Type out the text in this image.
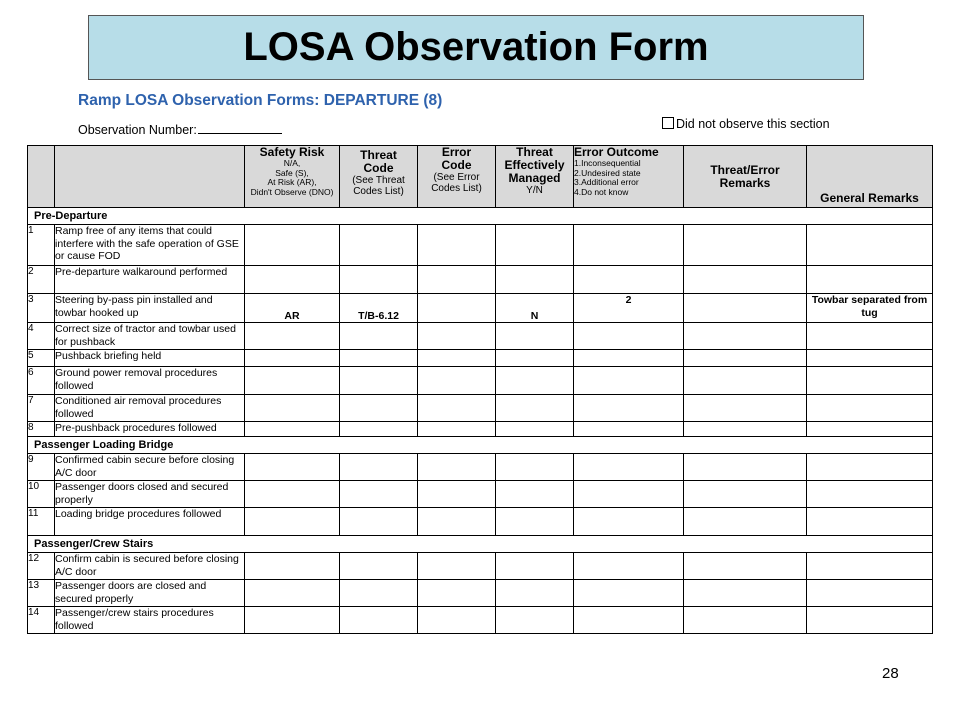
LOSA Observation Form
Ramp LOSA Observation Forms: DEPARTURE (8)
Observation Number:	Did not observe this section

		Safety Risk
N/A,
Safe (S),
At Risk (AR),
Didn't Observe (DNO)	Threat
Code
(See Threat Codes List)	Error
Code
(See Error Codes List)	Threat Effectively Managed
Y/N	Error Outcome
1.Inconsequential
2.Undesired state
3.Additional error
4.Do not know	Threat/Error Remarks	General Remarks

Pre-Departure								
1	Ramp free of any items that could interfere with the safe operation of GSE or cause FOD							
2	Pre-departure walkaround performed							
3	Steering by-pass pin installed and towbar hooked up	AR	T/B-6.12		N	2		Towbar separated from tug
4	Correct size of tractor and towbar used for pushback							
5	Pushback briefing held							
6	Ground power removal procedures followed							
7	Conditioned air removal procedures followed							
8	Pre-pushback procedures followed							
Passenger Loading Bridge								
9	Confirmed cabin secure before closing A/C door							
10	Passenger doors closed and secured properly							
11	Loading bridge procedures followed							
Passenger/Crew Stairs								
12	Confirm cabin is secured before closing A/C door							
13	Passenger doors are closed and secured properly							
14	Passenger/crew stairs procedures followed							
28
